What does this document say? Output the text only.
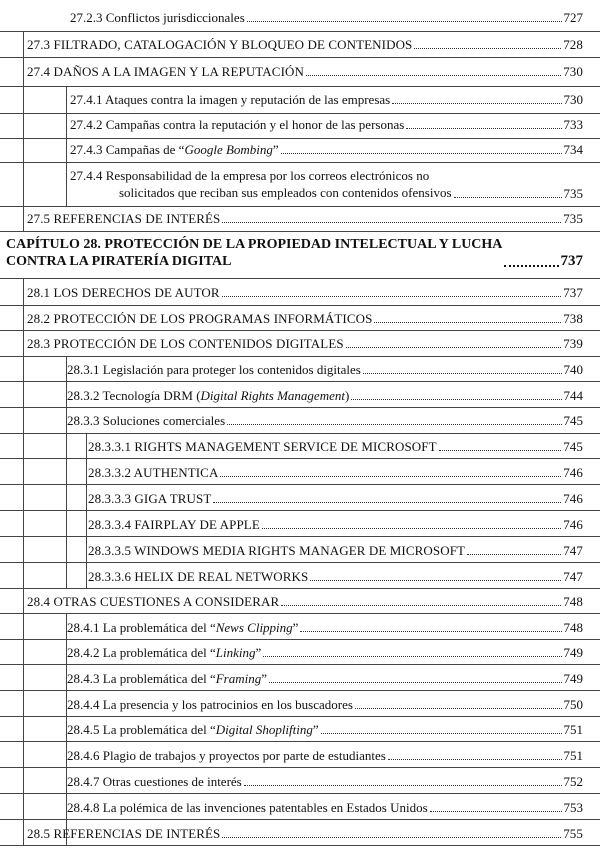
27.2.3 Conflictos jurisdiccionales	727
27.3 FILTRADO, CATALOGACIÓN Y BLOQUEO DE CONTENIDOS	728
27.4 DAÑOS A LA IMAGEN Y LA REPUTACIÓN	730
27.4.1 Ataques contra la imagen y reputación de las empresas	730
27.4.2 Campañas contra la reputación y el honor de las personas	733
27.4.3 Campañas de “Google Bombing”	734
27.4.4 Responsabilidad de la empresa por los correos electrónicos no
solicitados que reciban sus empleados con contenidos ofensivos	735
27.5 REFERENCIAS DE INTERÉS	735
CAPÍTULO 28. PROTECCIÓN DE LA PROPIEDAD INTELECTUAL Y LUCHA
CONTRA LA PIRATERÍA DIGITAL	737
28.1 LOS DERECHOS DE AUTOR	737
28.2 PROTECCIÓN DE LOS PROGRAMAS INFORMÁTICOS	738
28.3 PROTECCIÓN DE LOS CONTENIDOS DIGITALES	739
28.3.1 Legislación para proteger los contenidos digitales	740
28.3.2 Tecnología DRM (Digital Rights Management)	744
28.3.3 Soluciones comerciales	745
28.3.3.1 RIGHTS MANAGEMENT SERVICE DE MICROSOFT	745
28.3.3.2 AUTHENTICA	746
28.3.3.3 GIGA TRUST	746
28.3.3.4 FAIRPLAY DE APPLE	746
28.3.3.5 WINDOWS MEDIA RIGHTS MANAGER DE MICROSOFT	747
28.3.3.6 HELIX DE REAL NETWORKS	747
28.4 OTRAS CUESTIONES A CONSIDERAR	748
28.4.1 La problemática del “News Clipping”	748
28.4.2 La problemática del “Linking”	749
28.4.3 La problemática del “Framing”	749
28.4.4 La presencia y los patrocinios en los buscadores	750
28.4.5 La problemática del “Digital Shoplifting”	751
28.4.6 Plagio de trabajos y proyectos por parte de estudiantes	751
28.4.7 Otras cuestiones de interés	752
28.4.8 La polémica de las invenciones patentables en Estados Unidos	753
28.5 REFERENCIAS DE INTERÉS	755
